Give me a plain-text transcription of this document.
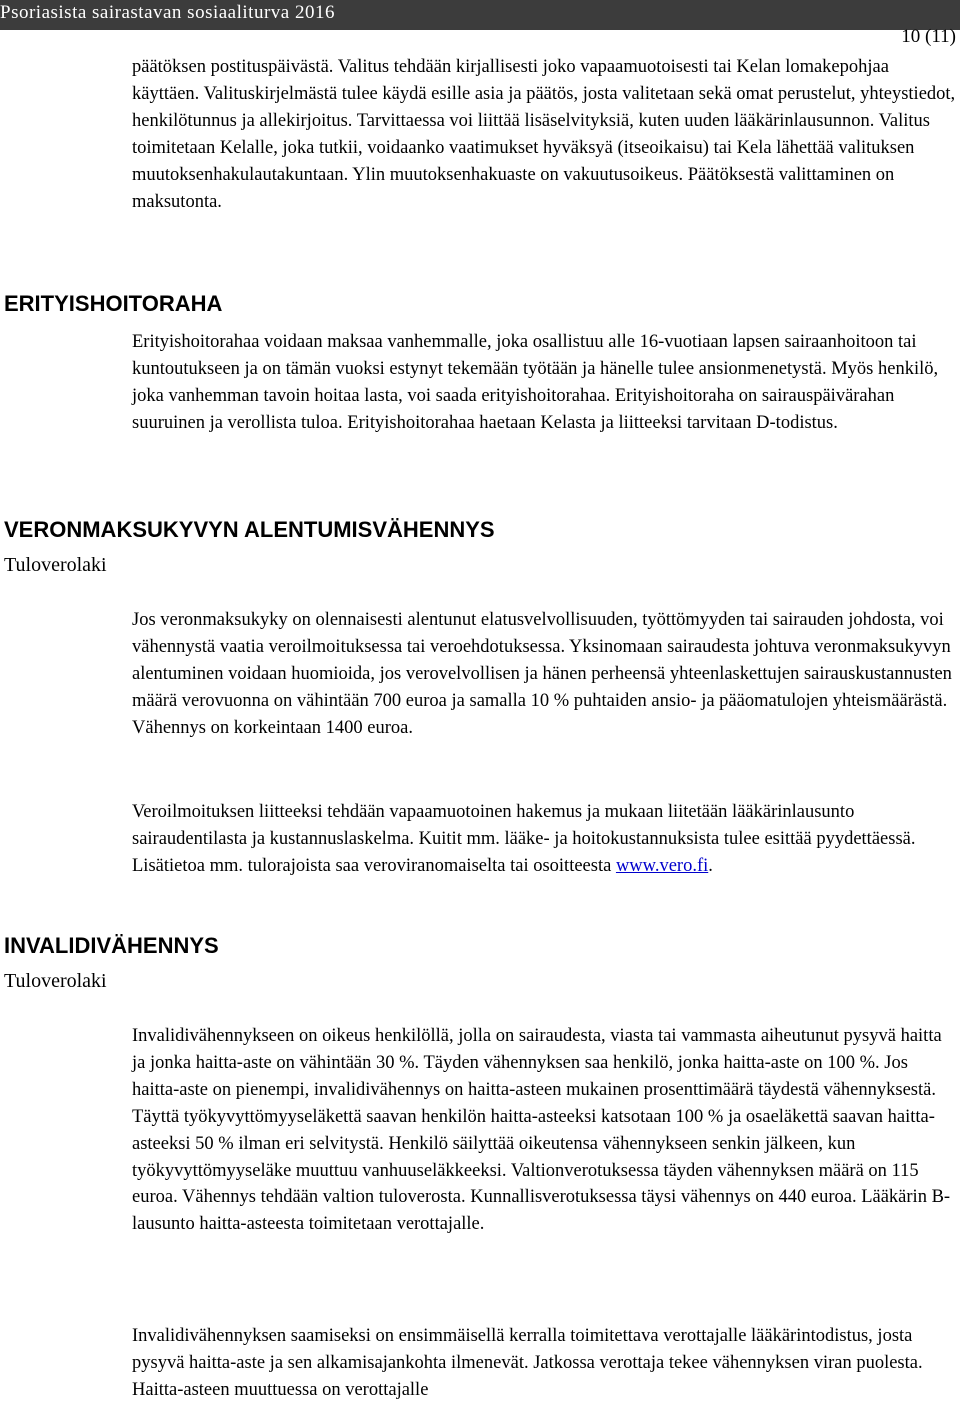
Psoriasista sairastavan sosiaaliturva 2016
10 (11)

päätöksen postituspäivästä. Valitus tehdään kirjallisesti joko vapaamuotoisesti tai Kelan lomakepohjaa käyttäen. Valituskirjelmästä tulee käydä esille asia ja päätös, josta valitetaan sekä omat perustelut, yhteystiedot, henkilötunnus ja allekirjoitus. Tarvittaessa voi liittää lisäselvityksiä, kuten uuden lääkärinlausunnon. Valitus toimitetaan Kelalle, joka tutkii, voidaanko vaatimukset hyväksyä (itseoikaisu) tai Kela lähettää valituksen muutoksenhakulautakuntaan. Ylin muutoksenhakuaste on vakuutusoikeus. Päätöksestä valittaminen on maksutonta.

ERITYISHOITORAHA

Erityishoitorahaa voidaan maksaa vanhemmalle, joka osallistuu alle 16-vuotiaan lapsen sairaanhoitoon tai kuntoutukseen ja on tämän vuoksi estynyt tekemään työtään ja hänelle tulee ansionmenetystä. Myös henkilö, joka vanhemman tavoin hoitaa lasta, voi saada erityishoitorahaa. Erityishoitoraha on sairauspäivärahan suuruinen ja verollista tuloa. Erityishoitorahaa haetaan Kelasta ja liitteeksi tarvitaan D-todistus.

VERONMAKSUKYVYN ALENTUMISVÄHENNYS
Tuloverolaki

Jos veronmaksukyky on olennaisesti alentunut elatusvelvollisuuden, työttömyyden tai sairauden johdosta, voi vähennystä vaatia veroilmoituksessa tai veroehdotuksessa. Yksinomaan sairaudesta johtuva veronmaksukyvyn alentuminen voidaan huomioida, jos verovelvollisen ja hänen perheensä yhteenlaskettujen sairauskustannusten määrä verovuonna on vähintään 700 euroa ja samalla 10 % puhtaiden ansio- ja pääomatulojen yhteismäärästä. Vähennys on korkeintaan 1400 euroa.

Veroilmoituksen liitteeksi tehdään vapaamuotoinen hakemus ja mukaan liitetään lääkärinlausunto sairaudentilasta ja kustannuslaskelma. Kuitit mm. lääke- ja hoitokustannuksista tulee esittää pyydettäessä. Lisätietoa mm. tulorajoista saa veroviranomaiselta tai osoitteesta www.vero.fi.

INVALIDIVÄHENNYS
Tuloverolaki

Invalidivähennykseen on oikeus henkilöllä, jolla on sairaudesta, viasta tai vammasta aiheutunut pysyvä haitta ja jonka haitta-aste on vähintään 30 %. Täyden vähennyksen saa henkilö, jonka haitta-aste on 100 %. Jos haitta-aste on pienempi, invalidivähennys on haitta-asteen mukainen prosenttimäärä täydestä vähennyksestä. Täyttä työkyvyttömyyseläkettä saavan henkilön haitta-asteeksi katsotaan 100 % ja osaeläkettä saavan haitta-asteeksi 50 % ilman eri selvitystä. Henkilö säilyttää oikeutensa vähennykseen senkin jälkeen, kun työkyvyttömyyseläke muuttuu vanhuuseläkkeeksi. Valtionverotuksessa täyden vähennyksen määrä on 115 euroa. Vähennys tehdään valtion tuloverosta. Kunnallisverotuksessa täysi vähennys on 440 euroa. Lääkärin B-lausunto haitta-asteesta toimitetaan verottajalle.

Invalidivähennyksen saamiseksi on ensimmäisellä kerralla toimitettava verottajalle lääkärintodistus, josta pysyvä haitta-aste ja sen alkamisajankohta ilmenevät. Jatkossa verottaja tekee vähennyksen viran puolesta. Haitta-asteen muuttuessa on verottajalle
